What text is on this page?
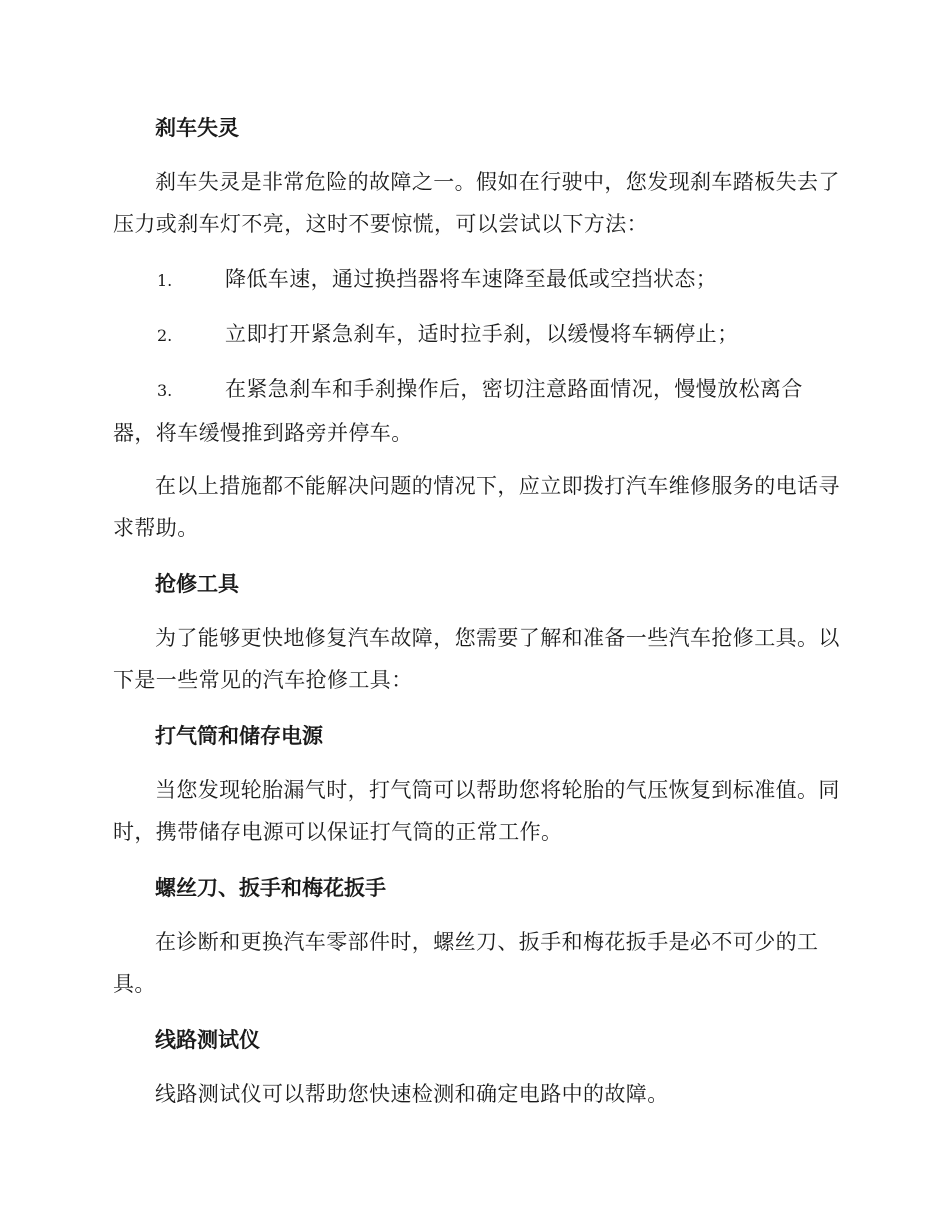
刹车失灵
刹车失灵是非常危险的故障之一。假如在行驶中，您发现刹车踏板失去了压力或刹车灯不亮，这时不要惊慌，可以尝试以下方法：
1.	降低车速，通过换挡器将车速降至最低或空挡状态；
2.	立即打开紧急刹车，适时拉手刹，以缓慢将车辆停止；
3.	在紧急刹车和手刹操作后，密切注意路面情况，慢慢放松离合器，将车缓慢推到路旁并停车。
在以上措施都不能解决问题的情况下，应立即拨打汽车维修服务的电话寻求帮助。
抢修工具
为了能够更快地修复汽车故障，您需要了解和准备一些汽车抢修工具。以下是一些常见的汽车抢修工具：
打气筒和储存电源
当您发现轮胎漏气时，打气筒可以帮助您将轮胎的气压恢复到标准值。同时，携带储存电源可以保证打气筒的正常工作。
螺丝刀、扳手和梅花扳手
在诊断和更换汽车零部件时，螺丝刀、扳手和梅花扳手是必不可少的工具。
线路测试仪
线路测试仪可以帮助您快速检测和确定电路中的故障。
